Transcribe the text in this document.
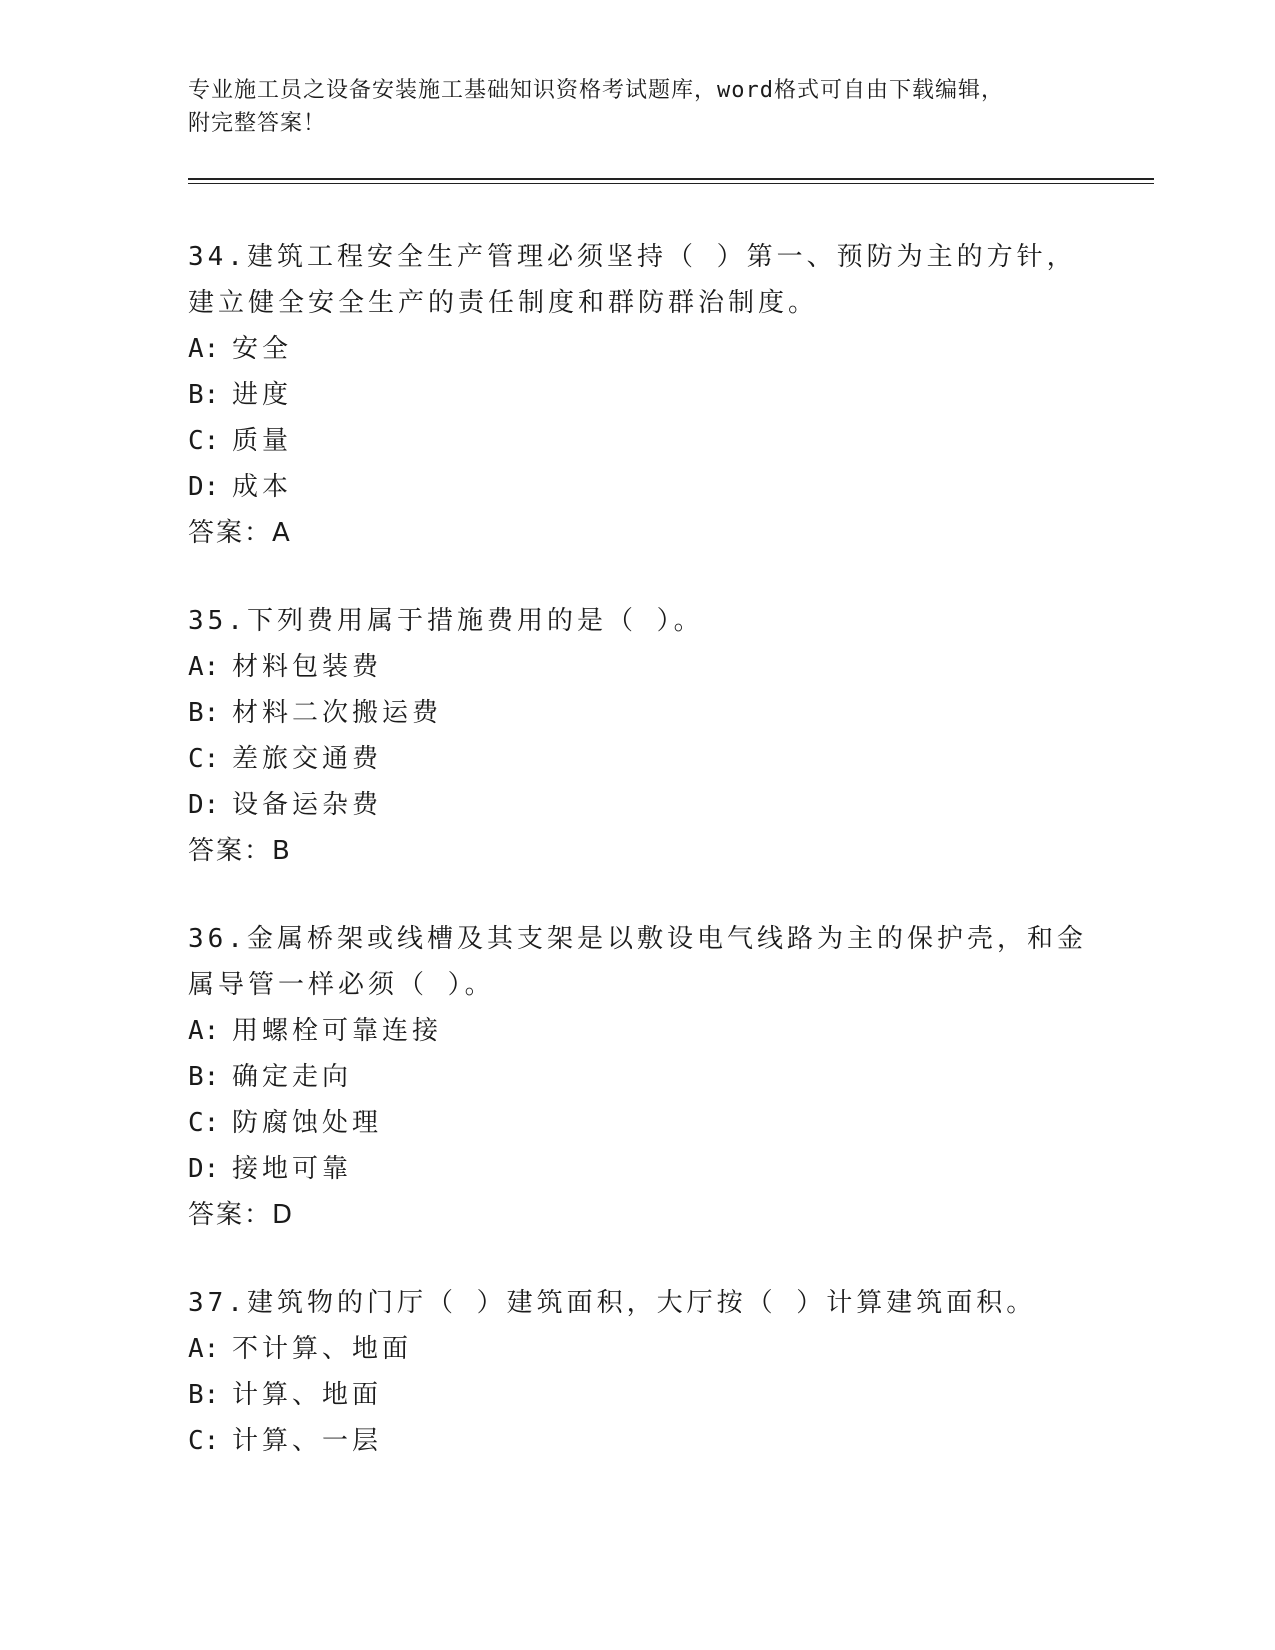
专业施工员之设备安装施工基础知识资格考试题库，word格式可自由下载编辑，
附完整答案！

34.建筑工程安全生产管理必须坚持（ ）第一、预防为主的方针，建立健全安全生产的责任制度和群防群治制度。

A: 安全

B: 进度

C: 质量

D: 成本

答案：A

35.下列费用属于措施费用的是（ ）。

A: 材料包装费

B: 材料二次搬运费

C: 差旅交通费

D: 设备运杂费

答案：B

36.金属桥架或线槽及其支架是以敷设电气线路为主的保护壳，和金属导管一样必须（ ）。

A: 用螺栓可靠连接

B: 确定走向

C: 防腐蚀处理

D: 接地可靠

答案：D

37.建筑物的门厅（ ）建筑面积，大厅按（ ）计算建筑面积。

A: 不计算、地面

B: 计算、地面

C: 计算、一层
